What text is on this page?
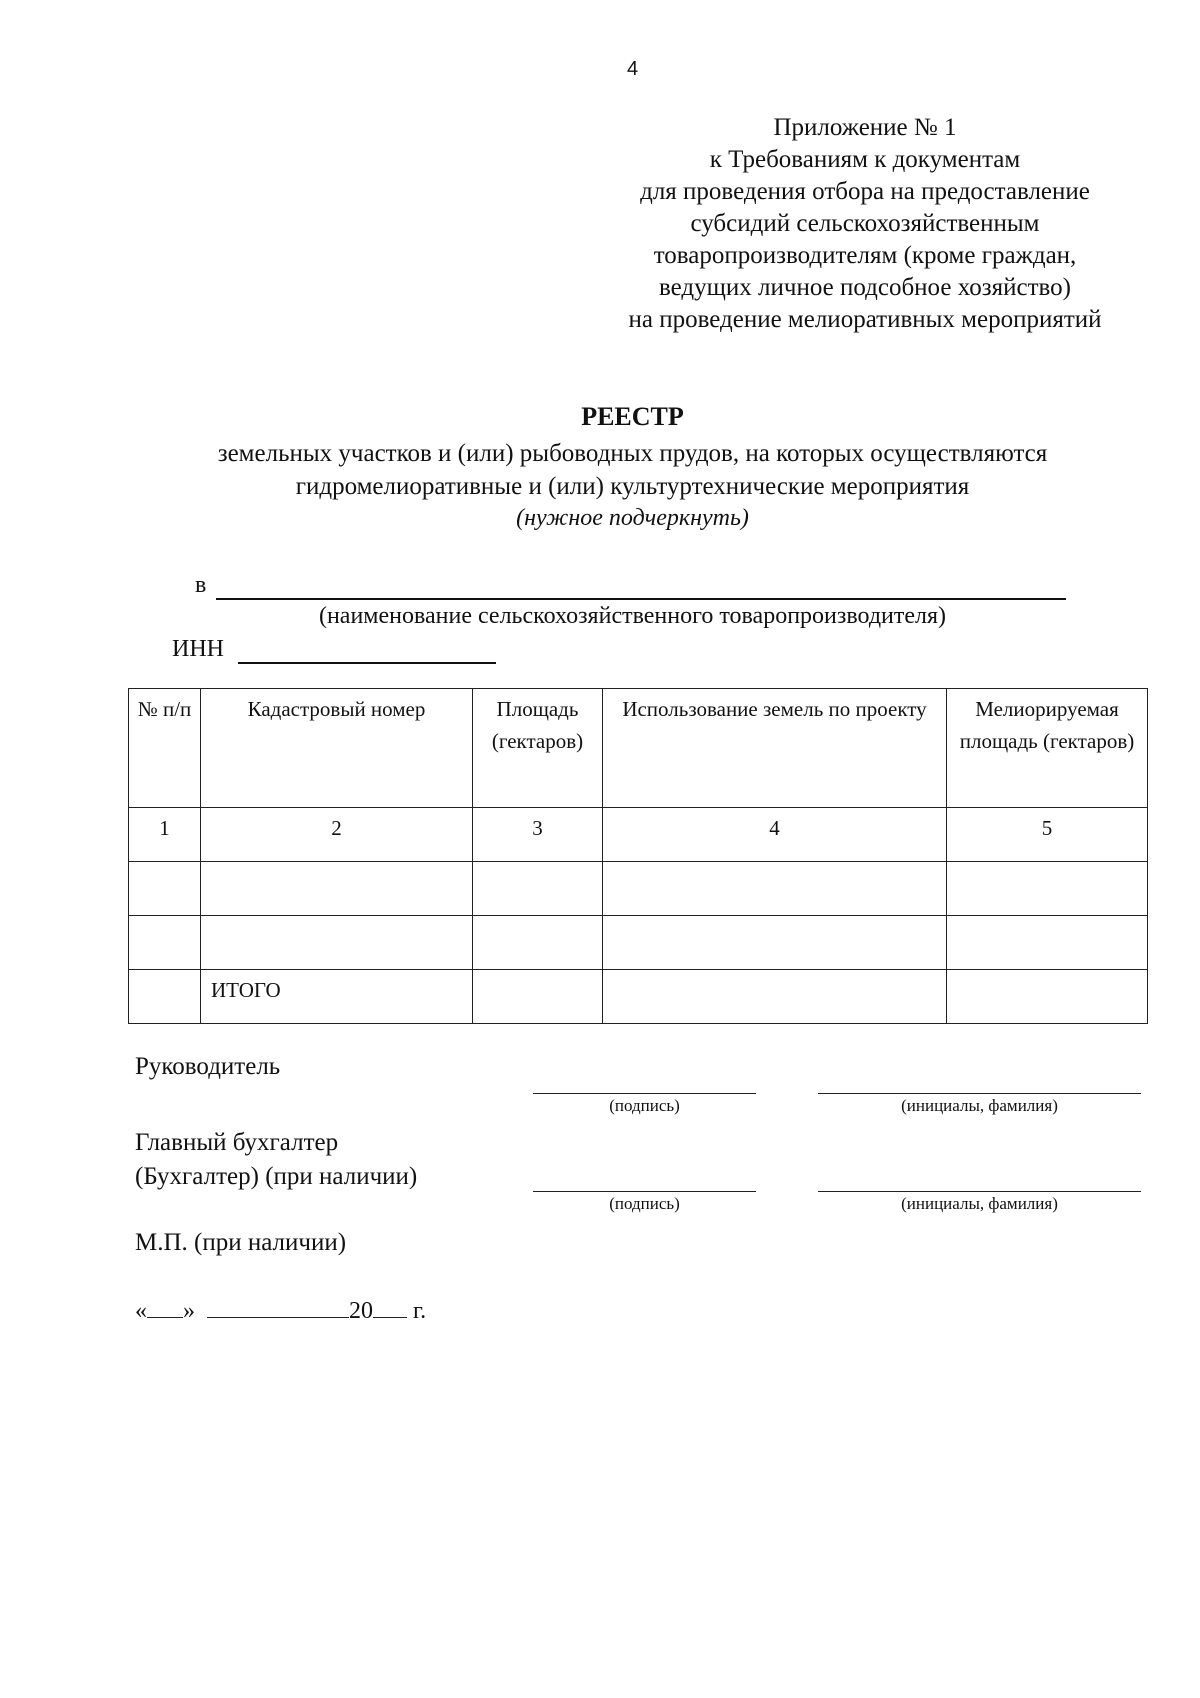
4
Приложение № 1
к Требованиям к документам
для проведения отбора на предоставление
субсидий сельскохозяйственным
товаропроизводителям (кроме граждан,
ведущих личное подсобное хозяйство)
на проведение мелиоративных мероприятий
РЕЕСТР
земельных участков и (или) рыбоводных прудов, на которых осуществляются
гидромелиоративные и (или) культуртехнические мероприятия
(нужное подчеркнуть)
в
(наименование сельскохозяйственного товаропроизводителя)
ИНН
№ п/п	Кадастровый номер	Площадь (гектаров)	Использование земель по проекту	Мелиорируемая площадь (гектаров)
1	2	3	4	5

	ИТОГО			
Руководитель
(подпись)	(инициалы, фамилия)
Главный бухгалтер
(Бухгалтер) (при наличии)
(подпись)	(инициалы, фамилия)
М.П. (при наличии)
« »	20 г.
